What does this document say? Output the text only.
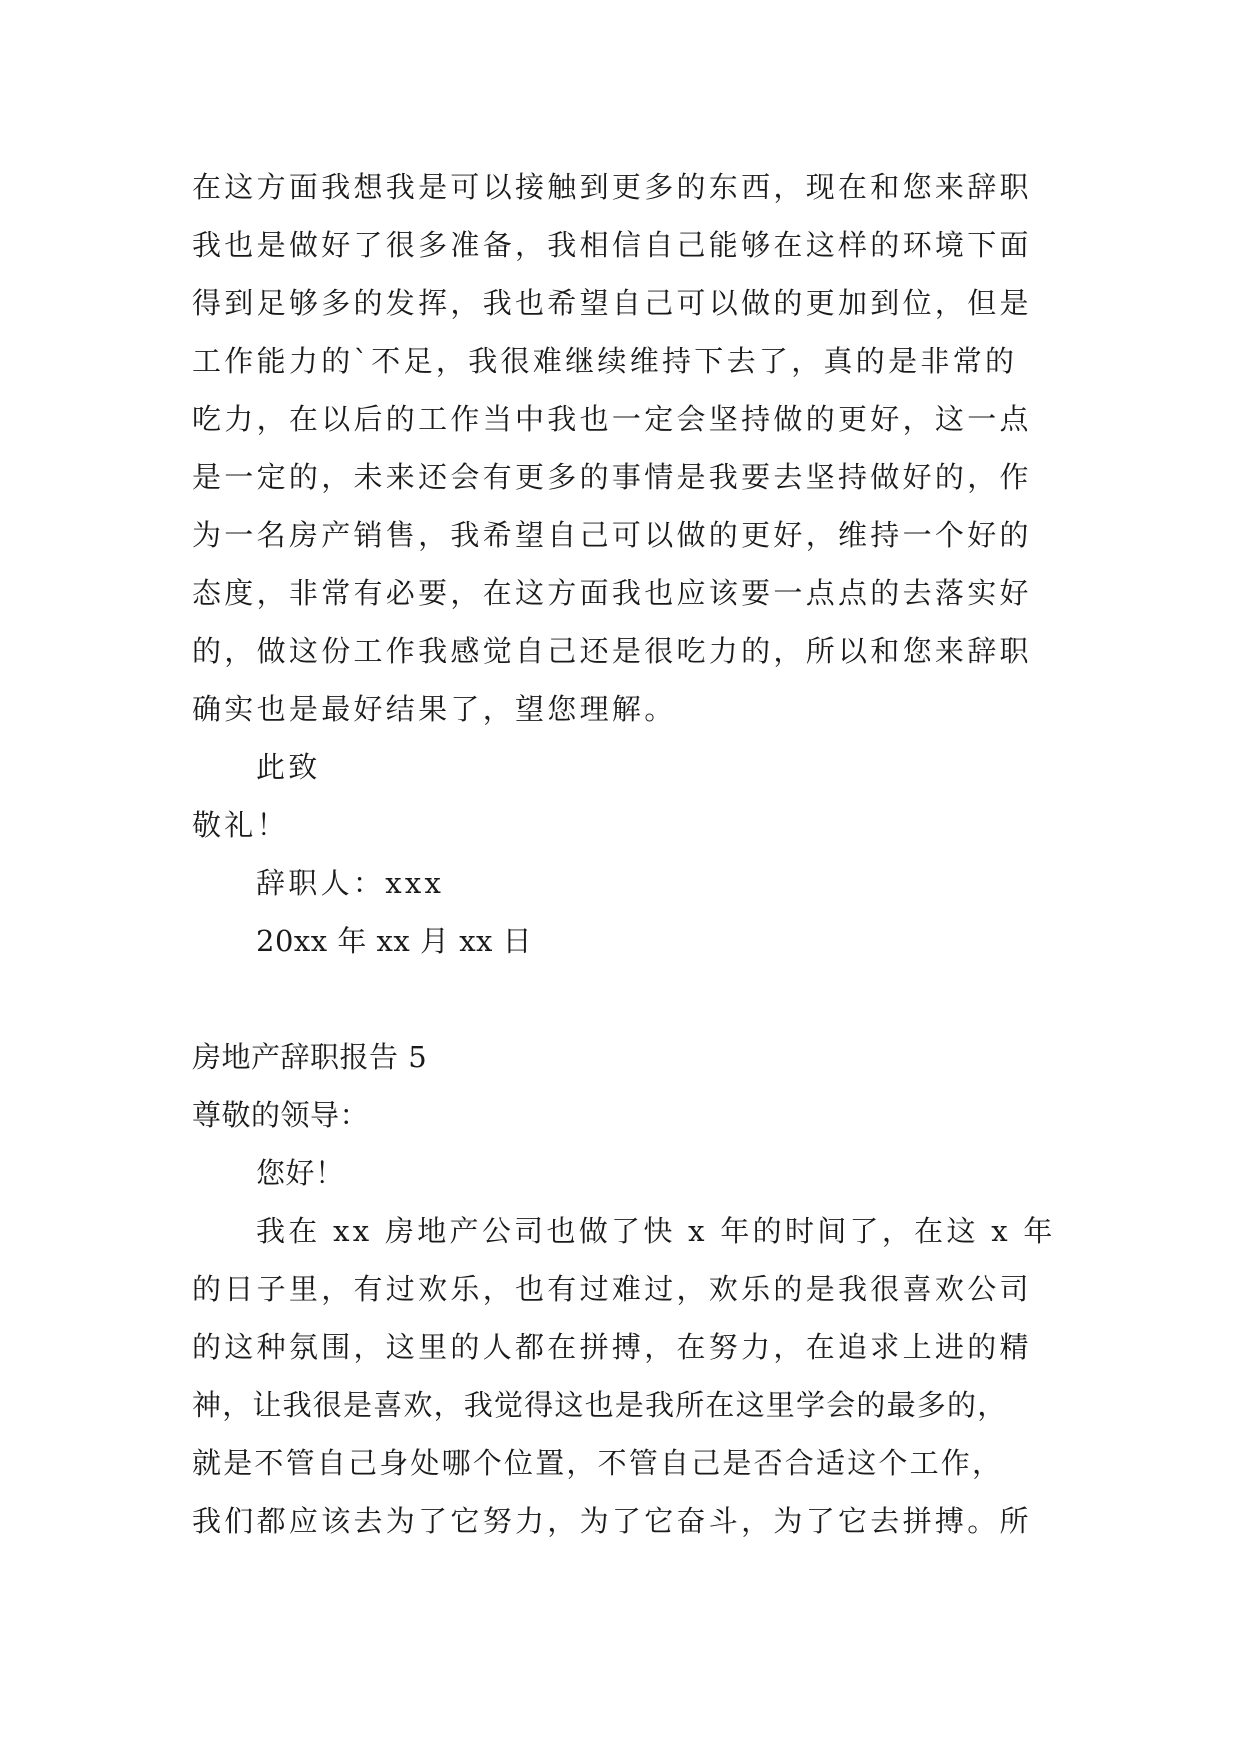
在这方面我想我是可以接触到更多的东西，现在和您来辞职
我也是做好了很多准备，我相信自己能够在这样的环境下面
得到足够多的发挥，我也希望自己可以做的更加到位，但是
工作能力的`不足，我很难继续维持下去了，真的是非常的
吃力，在以后的工作当中我也一定会坚持做的更好，这一点
是一定的，未来还会有更多的事情是我要去坚持做好的，作
为一名房产销售，我希望自己可以做的更好，维持一个好的
态度，非常有必要，在这方面我也应该要一点点的去落实好
的，做这份工作我感觉自己还是很吃力的，所以和您来辞职
确实也是最好结果了，望您理解。
此致
敬礼！
辞职人：xxx
20xx 年 xx 月 xx 日
房地产辞职报告 5
尊敬的领导：
您好！
我在 xx 房地产公司也做了快 x 年的时间了，在这 x 年
的日子里，有过欢乐，也有过难过，欢乐的是我很喜欢公司
的这种氛围，这里的人都在拼搏，在努力，在追求上进的精
神，让我很是喜欢，我觉得这也是我所在这里学会的最多的，
就是不管自己身处哪个位置，不管自己是否合适这个工作，
我们都应该去为了它努力，为了它奋斗，为了它去拼搏。所
